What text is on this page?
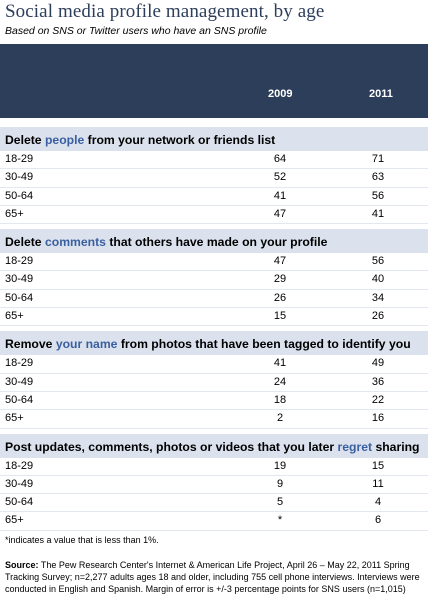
Social media profile management, by age

Based on SNS or Twitter users who have an SNS profile

2009	2011
Delete people from your network or friends list
18-29	64	71
30-49	52	63
50-64	41	56
65+	47	41
Delete comments that others have made on your profile
18-29	47	56
30-49	29	40
50-64	26	34
65+	15	26
Remove your name from photos that have been tagged to identify you
18-29	41	49
30-49	24	36
50-64	18	22
65+	2	16
Post updates, comments, photos or videos that you later regret sharing
18-29	19	15
30-49	9	11
50-64	5	4
65+	*	6
*indicates a value that is less than 1%.
Source: The Pew Research Center's Internet & American Life Project, April 26 – May 22, 2011 Spring Tracking Survey; n=2,277 adults ages 18 and older, including 755 cell phone interviews. Interviews were conducted in English and Spanish. Margin of error is +/-3 percentage points for SNS users (n=1,015)
